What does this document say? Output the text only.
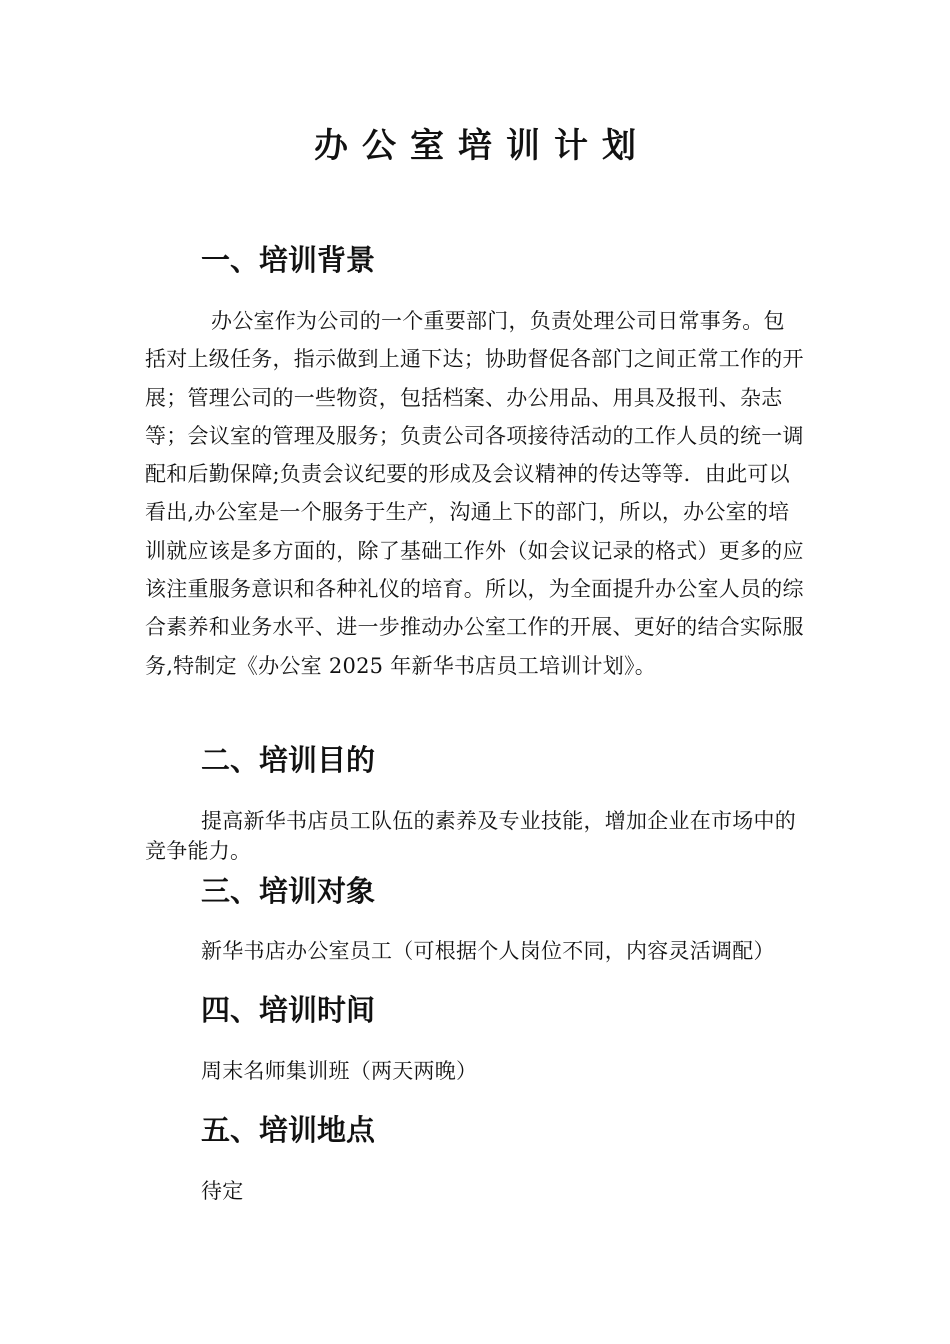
办公室培训计划
一、培训背景

办公室作为公司的一个重要部门，负责处理公司日常事务。包括对上级任务，指示做到上通下达；协助督促各部门之间正常工作的开展；管理公司的一些物资，包括档案、办公用品、用具及报刊、杂志等；会议室的管理及服务；负责公司各项接待活动的工作人员的统一调配和后勤保障;负责会议纪要的形成及会议精神的传达等等．由此可以看出,办公室是一个服务于生产，沟通上下的部门，所以，办公室的培训就应该是多方面的，除了基础工作外（如会议记录的格式）更多的应该注重服务意识和各种礼仪的培育。所以，为全面提升办公室人员的综合素养和业务水平、进一步推动办公室工作的开展、更好的结合实际服务,特制定《办公室 2025 年新华书店员工培训计划》。

二、培训目的

提高新华书店员工队伍的素养及专业技能，增加企业在市场中的竞争能力。

三、培训对象

新华书店办公室员工（可根据个人岗位不同，内容灵活调配）

四、培训时间

周末名师集训班（两天两晚）

五、培训地点

待定
